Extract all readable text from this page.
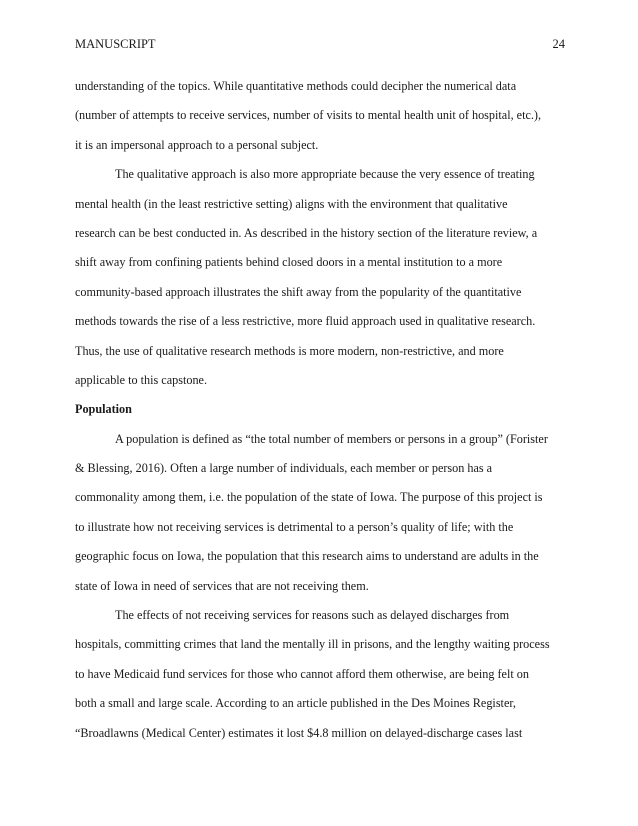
MANUSCRIPT	24
understanding of the topics. While quantitative methods could decipher the numerical data
(number of attempts to receive services, number of visits to mental health unit of hospital, etc.),
it is an impersonal approach to a personal subject.
The qualitative approach is also more appropriate because the very essence of treating
mental health (in the least restrictive setting) aligns with the environment that qualitative
research can be best conducted in. As described in the history section of the literature review, a
shift away from confining patients behind closed doors in a mental institution to a more
community-based approach illustrates the shift away from the popularity of the quantitative
methods towards the rise of a less restrictive, more fluid approach used in qualitative research.
Thus, the use of qualitative research methods is more modern, non-restrictive, and more
applicable to this capstone.
Population
A population is defined as “the total number of members or persons in a group” (Forister
& Blessing, 2016). Often a large number of individuals, each member or person has a
commonality among them, i.e. the population of the state of Iowa. The purpose of this project is
to illustrate how not receiving services is detrimental to a person’s quality of life; with the
geographic focus on Iowa, the population that this research aims to understand are adults in the
state of Iowa in need of services that are not receiving them.
The effects of not receiving services for reasons such as delayed discharges from
hospitals, committing crimes that land the mentally ill in prisons, and the lengthy waiting process
to have Medicaid fund services for those who cannot afford them otherwise, are being felt on
both a small and large scale. According to an article published in the Des Moines Register,
“Broadlawns (Medical Center) estimates it lost $4.8 million on delayed-discharge cases last
